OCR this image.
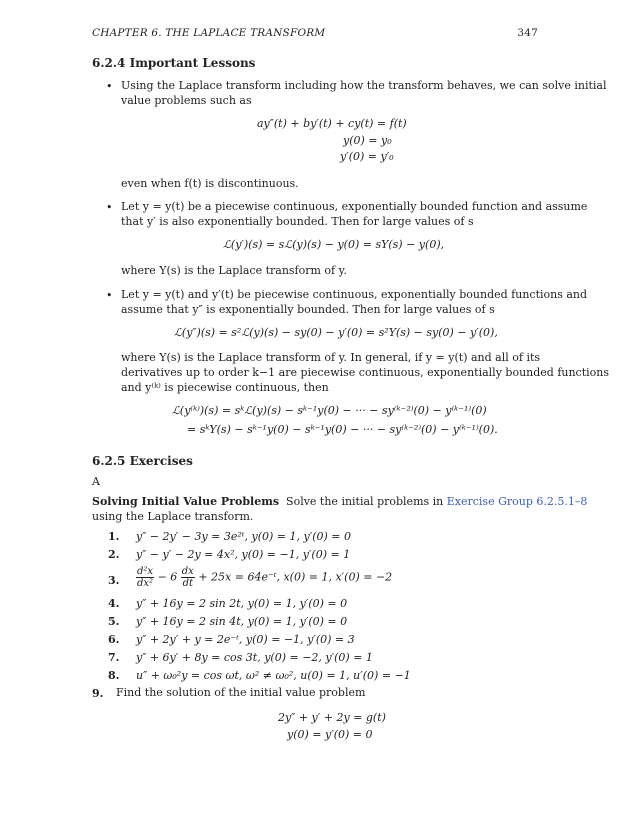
CHAPTER 6. THE LAPLACE TRANSFORM	347
6.2.4 Important Lessons
• Using the Laplace transform including how the transform behaves, we can solve initial
value problems such as
ay″(t) + by′(t) + cy(t) = f(t)
y(0) = y₀
y′(0) = y′₀
even when f(t) is discontinuous.
• Let y = y(t) be a piecewise continuous, exponentially bounded function and assume
that y′ is also exponentially bounded. Then for large values of s
ℒ(y′)(s) = sℒ(y)(s) − y(0) = sY(s) − y(0),
where Y(s) is the Laplace transform of y.
• Let y = y(t) and y′(t) be piecewise continuous, exponentially bounded functions and
assume that y″ is exponentially bounded. Then for large values of s
ℒ(y″)(s) = s²ℒ(y)(s) − sy(0) − y′(0) = s²Y(s) − sy(0) − y′(0),
where Y(s) is the Laplace transform of y. In general, if y = y(t) and all of its
derivatives up to order k−1 are piecewise continuous, exponentially bounded functions
and y⁽ᵏ⁾ is piecewise continuous, then
ℒ(y⁽ᵏ⁾)(s) = sᵏℒ(y)(s) − sᵏ⁻¹y(0) − ··· − sy⁽ᵏ⁻²⁾(0) − y⁽ᵏ⁻¹⁾(0)
= sᵏY(s) − sᵏ⁻¹y(0) − sᵏ⁻¹y(0) − ··· − sy⁽ᵏ⁻²⁾(0) − y⁽ᵏ⁻¹⁾(0).
6.2.5 Exercises
A
Solving Initial Value Problems Solve the initial problems in Exercise Group 6.2.5.1–8
using the Laplace transform.
1. y″ − 2y′ − 3y = 3e²ᵗ, y(0) = 1, y′(0) = 0
2. y″ − y′ − 2y = 4x², y(0) = −1, y′(0) = 1
3. $\frac{\text{d²x}}{\text{dx²}} - 6 \frac{dx}{dt} + 25x$ = 64e⁻ᵗ, x(0) = 1, x′(0) = −2
4. y″ + 16y = 2 sin 2t, y(0) = 1, y′(0) = 0
5. y″ + 16y = 2 sin 4t, y(0) = 1, y′(0) = 0
6. y″ + 2y′ + y = 2e⁻ᵗ, y(0) = −1, y′(0) = 3
7. y″ + 6y′ + 8y = cos 3t, y(0) = −2, y′(0) = 1
8. u″ + ω₀²y = cos ωt, ω² ≠ ω₀², u(0) = 1, u′(0) = −1
9. Find the solution of the initial value problem
2y″ + y′ + 2y = g(t)
y(0) = y′(0) = 0
